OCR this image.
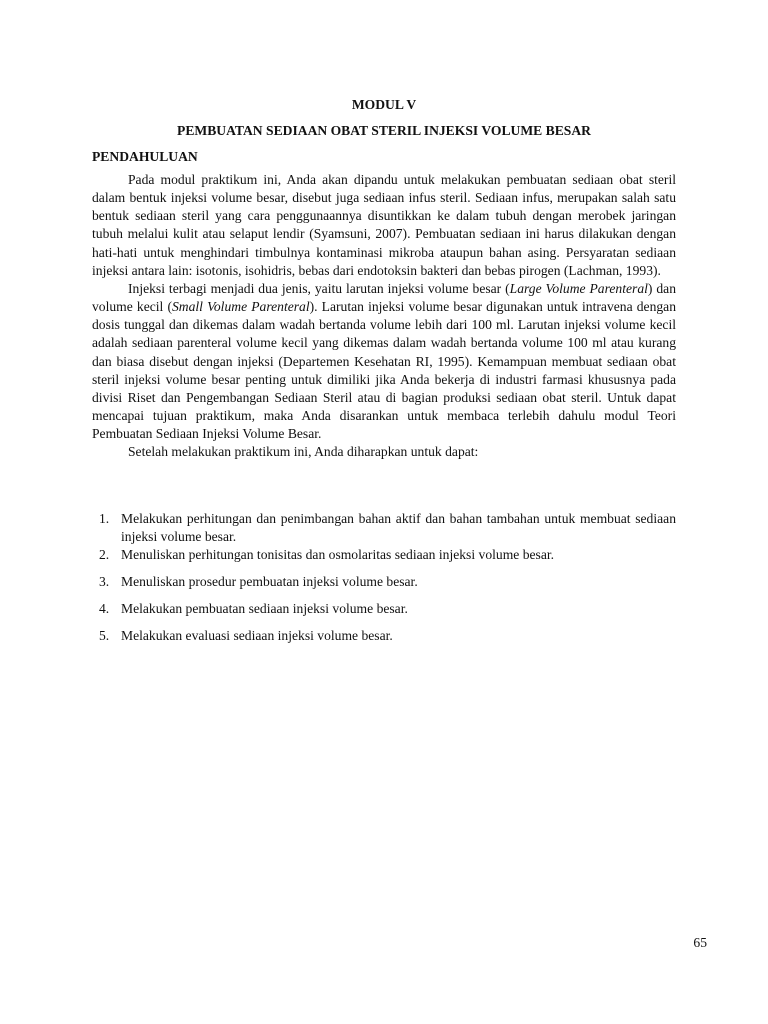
MODUL V
PEMBUATAN SEDIAAN OBAT STERIL INJEKSI VOLUME BESAR
PENDAHULUAN

Pada modul praktikum ini, Anda akan dipandu untuk melakukan pembuatan sediaan obat steril dalam bentuk injeksi volume besar, disebut juga sediaan infus steril. Sediaan infus, merupakan salah satu bentuk sediaan steril yang cara penggunaannya disuntikkan ke dalam tubuh dengan merobek jaringan tubuh melalui kulit atau selaput lendir (Syamsuni, 2007). Pembuatan sediaan ini harus dilakukan dengan hati-hati untuk menghindari timbulnya kontaminasi mikroba ataupun bahan asing. Persyaratan sediaan injeksi antara lain: isotonis, isohidris, bebas dari endotoksin bakteri dan bebas pirogen (Lachman, 1993).

Injeksi terbagi menjadi dua jenis, yaitu larutan injeksi volume besar (Large Volume Parenteral) dan volume kecil (Small Volume Parenteral). Larutan injeksi volume besar digunakan untuk intravena dengan dosis tunggal dan dikemas dalam wadah bertanda volume lebih dari 100 ml. Larutan injeksi volume kecil adalah sediaan parenteral volume kecil yang dikemas dalam wadah bertanda volume 100 ml atau kurang dan biasa disebut dengan injeksi (Departemen Kesehatan RI, 1995). Kemampuan membuat sediaan obat steril injeksi volume besar penting untuk dimiliki jika Anda bekerja di industri farmasi khususnya pada divisi Riset dan Pengembangan Sediaan Steril atau di bagian produksi sediaan obat steril. Untuk dapat mencapai tujuan praktikum, maka Anda disarankan untuk membaca terlebih dahulu modul Teori Pembuatan Sediaan Injeksi Volume Besar.

Setelah melakukan praktikum ini, Anda diharapkan untuk dapat:

1. Melakukan perhitungan dan penimbangan bahan aktif dan bahan tambahan untuk membuat sediaan injeksi volume besar.
2. Menuliskan perhitungan tonisitas dan osmolaritas sediaan injeksi volume besar.
3. Menuliskan prosedur pembuatan injeksi volume besar.
4. Melakukan pembuatan sediaan injeksi volume besar.
5. Melakukan evaluasi sediaan injeksi volume besar.
65
